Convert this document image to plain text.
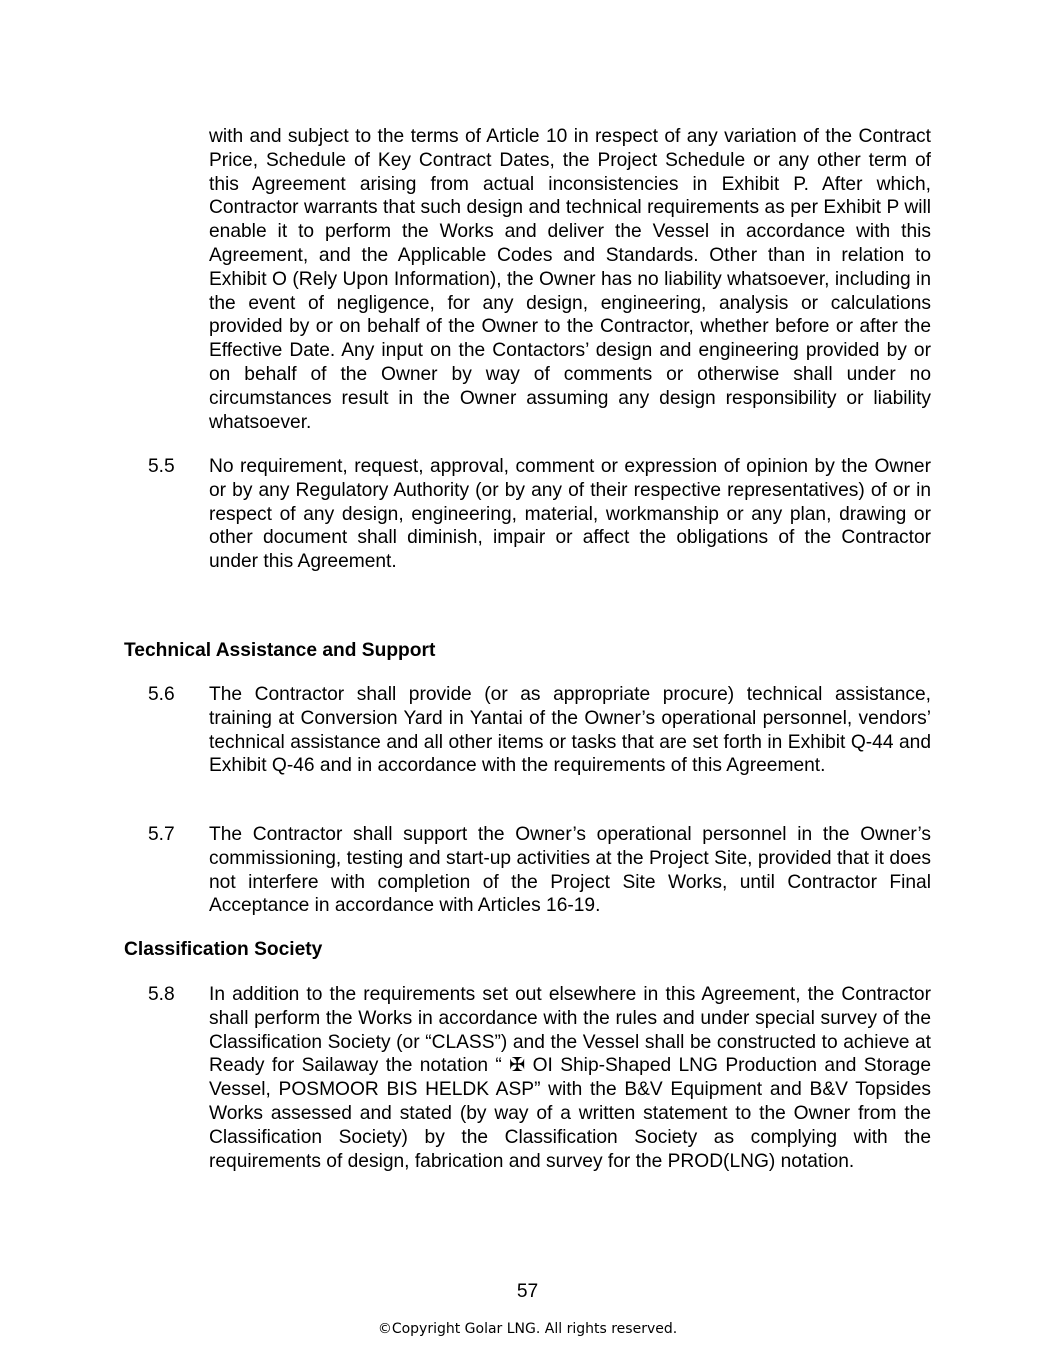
with and subject to the terms of Article 10 in respect of any variation of the Contract Price, Schedule of Key Contract Dates, the Project Schedule or any other term of this Agreement arising from actual inconsistencies in Exhibit P. After which, Contractor warrants that such design and technical requirements as per Exhibit P will enable it to perform the Works and deliver the Vessel in accordance with this Agreement, and the Applicable Codes and Standards. Other than in relation to Exhibit O (Rely Upon Information), the Owner has no liability whatsoever, including in the event of negligence, for any design, engineering, analysis or calculations provided by or on behalf of the Owner to the Contractor, whether before or after the Effective Date. Any input on the Contactors’ design and engineering provided by or on behalf of the Owner by way of comments or otherwise shall under no circumstances result in the Owner assuming any design responsibility or liability whatsoever.

5.5 No requirement, request, approval, comment or expression of opinion by the Owner or by any Regulatory Authority (or by any of their respective representatives) of or in respect of any design, engineering, material, workmanship or any plan, drawing or other document shall diminish, impair or affect the obligations of the Contractor under this Agreement.

Technical Assistance and Support
5.6 The Contractor shall provide (or as appropriate procure) technical assistance, training at Conversion Yard in Yantai of the Owner’s operational personnel, vendors’ technical assistance and all other items or tasks that are set forth in Exhibit Q-44 and Exhibit Q-46 and in accordance with the requirements of this Agreement.

5.7 The Contractor shall support the Owner’s operational personnel in the Owner’s commissioning, testing and start-up activities at the Project Site, provided that it does not interfere with completion of the Project Site Works, until Contractor Final Acceptance in accordance with Articles 16-19.

Classification Society
5.8 In addition to the requirements set out elsewhere in this Agreement, the Contractor shall perform the Works in accordance with the rules and under special survey of the Classification Society (or “CLASS”) and the Vessel shall be constructed to achieve at Ready for Sailaway the notation “ ✠ OI Ship-Shaped LNG Production and Storage Vessel, POSMOOR BIS HELDK ASP” with the B&V Equipment and B&V Topsides Works assessed and stated (by way of a written statement to the Owner from the Classification Society) by the Classification Society as complying with the requirements of design, fabrication and survey for the PROD(LNG) notation.

57
©Copyright Golar LNG. All rights reserved.
